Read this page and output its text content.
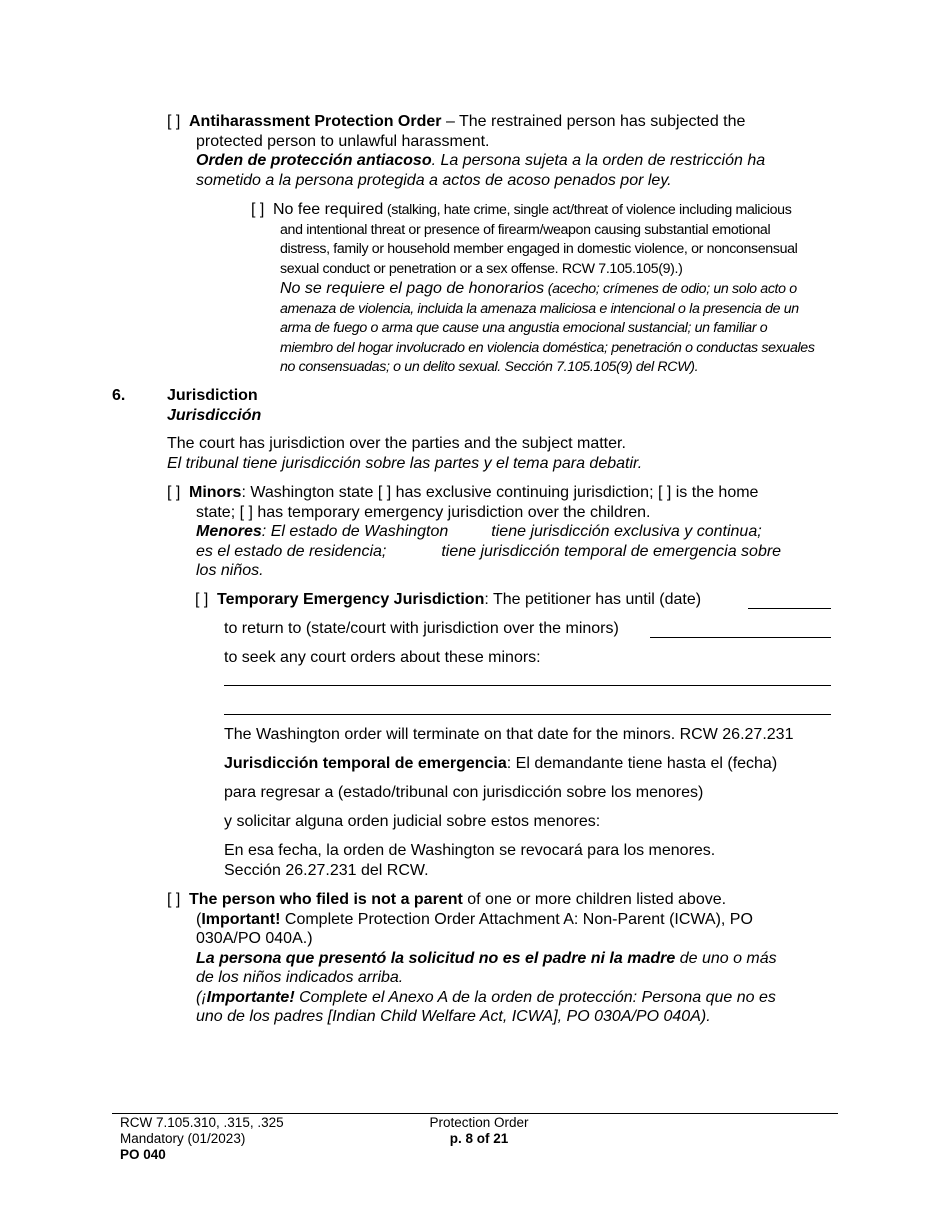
[ ] Antiharassment Protection Order – The restrained person has subjected the
protected person to unlawful harassment.
Orden de protección antiacoso. La persona sujeta a la orden de restricción ha
sometido a la persona protegida a actos de acoso penados por ley.
[ ] No fee required (stalking, hate crime, single act/threat of violence including malicious
and intentional threat or presence of firearm/weapon causing substantial emotional
distress, family or household member engaged in domestic violence, or nonconsensual
sexual conduct or penetration or a sex offense. RCW 7.105.105(9).)
No se requiere el pago de honorarios (acecho; crímenes de odio; un solo acto o
amenaza de violencia, incluida la amenaza maliciosa e intencional o la presencia de un
arma de fuego o arma que cause una angustia emocional sustancial; un familiar o
miembro del hogar involucrado en violencia doméstica; penetración o conductas sexuales
no consensuadas; o un delito sexual. Sección 7.105.105(9) del RCW).
6.	Jurisdiction
Jurisdicción
The court has jurisdiction over the parties and the subject matter.
El tribunal tiene jurisdicción sobre las partes y el tema para debatir.
[ ] Minors: Washington state [ ] has exclusive continuing jurisdiction; [ ] is the home
state; [ ] has temporary emergency jurisdiction over the children.
Menores: El estado de Washington	tiene jurisdicción exclusiva y continua;
es el estado de residencia;	tiene jurisdicción temporal de emergencia sobre
los niños.
[ ] Temporary Emergency Jurisdiction: The petitioner has until (date)
to return to (state/court with jurisdiction over the minors)
to seek any court orders about these minors:
The Washington order will terminate on that date for the minors. RCW 26.27.231
Jurisdicción temporal de emergencia: El demandante tiene hasta el (fecha)
para regresar a (estado/tribunal con jurisdicción sobre los menores)
y solicitar alguna orden judicial sobre estos menores:
En esa fecha, la orden de Washington se revocará para los menores.
Sección 26.27.231 del RCW.
[ ] The person who filed is not a parent of one or more children listed above.
(Important! Complete Protection Order Attachment A: Non-Parent (ICWA), PO
030A/PO 040A.)
La persona que presentó la solicitud no es el padre ni la madre de uno o más
de los niños indicados arriba.
(¡Importante! Complete el Anexo A de la orden de protección: Persona que no es
uno de los padres [Indian Child Welfare Act, ICWA], PO 030A/PO 040A).
RCW 7.105.310, .315, .325
Mandatory (01/2023)
PO 040
Protection Order
p. 8 of 21
